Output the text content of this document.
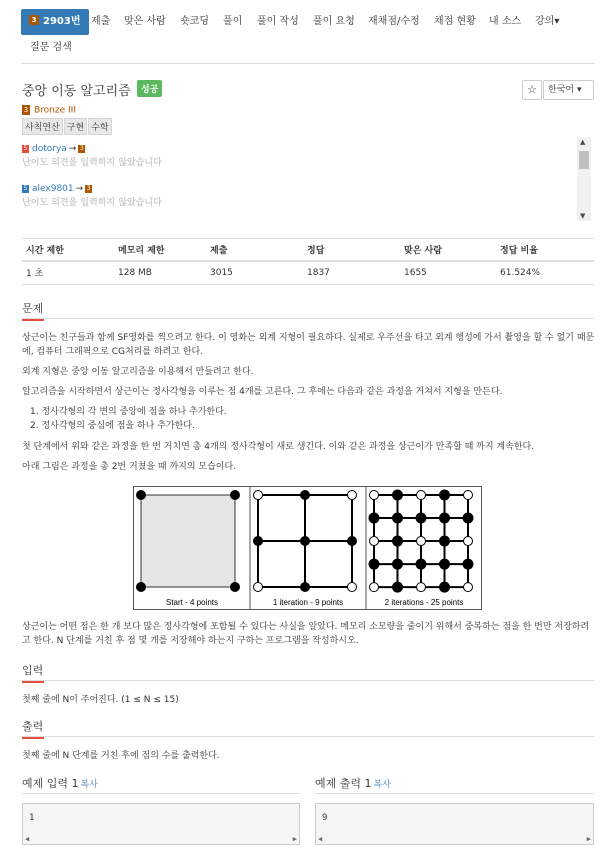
3 2903번	제출 맞은 사람 숏코딩 풀이 풀이 작성 풀이 요청 재채점/수정 채점 현황 내 소스 강의▾
질문 검색
중앙 이동 알고리즘	성공	☆	한국어 ▾
3 Bronze III
사칙연산 구현 수학
5 dotorya → 3
난이도 의견을 입력하지 않았습니다
5 alex9801 → 3
난이도 의견을 입력하지 않았습니다
▲
▼
시간 제한	메모리 제한	제출	정답	맞은 사람	정답 비율
1 초	128 MB	3015	1837	1655	61.524%
문제
상근이는 친구들과 함께 SF영화를 찍으려고 한다. 이 영화는 외계 지형이 필요하다. 실제로 우주선을 타고 외계 행성에 가서 촬영을 할 수 없기 때문에, 컴퓨터 그래픽으로 CG처리를 하려고 한다.
외계 지형은 중앙 이동 알고리즘을 이용해서 만들려고 한다.
알고리즘을 시작하면서 상근이는 정사각형을 이루는 점 4개를 고른다. 그 후에는 다음과 같은 과정을 거쳐서 지형을 만든다.
1. 정사각형의 각 변의 중앙에 점을 하나 추가한다.
2. 정사각형의 중심에 점을 하나 추가한다.
첫 단계에서 위와 같은 과정을 한 번 거치면 총 4개의 정사각형이 새로 생긴다. 이와 같은 과정을 상근이가 만족할 때 까지 계속한다.
아래 그림은 과정을 총 2번 거쳤을 때 까지의 모습이다.
Start - 4 points	1 iteration - 9 points	2 iterations - 25 points
상근이는 어떤 점은 한 개 보다 많은 정사각형에 포함될 수 있다는 사실을 알았다. 메모리 소모량을 줄이기 위해서 중복하는 점을 한 번만 저장하려고 한다. N 단계를 거친 후 점 몇 개를 저장해야 하는지 구하는 프로그램을 작성하시오.
입력
첫째 줄에 N이 주어진다. (1 ≤ N ≤ 15)
출력
첫째 줄에 N 단계를 거친 후에 점의 수를 출력한다.
예제 입력 1 복사	예제 출력 1 복사
1
◀	▶
9
◀	▶
